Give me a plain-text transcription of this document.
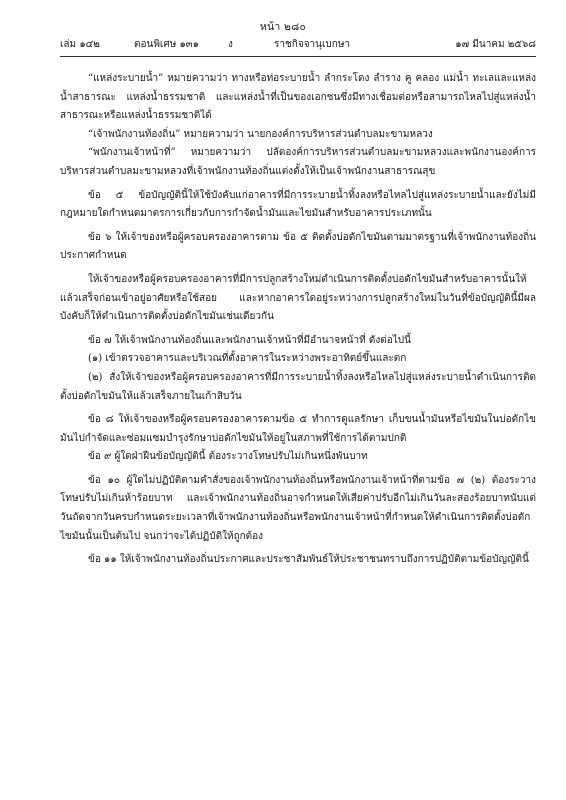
หน้า ๒๘๐
เล่ม ๑๔๒	ตอนพิเศษ ๑๓๑	ง	ราชกิจจานุเบกษา	๑๗ มีนาคม ๒๕๖๘

“แหล่งระบายน้ำ” หมายความว่า ทางหรือท่อระบายน้ำ ลำกระโดง ลำราง คู คลอง แม่น้ำ ทะเลและแหล่งน้ำสาธารณะ แหล่งน้ำธรรมชาติ และแหล่งน้ำที่เป็นของเอกชนซึ่งมีทางเชื่อมต่อหรือสามารถไหลไปสู่แหล่งน้ำสาธารณะหรือแหล่งน้ำธรรมชาติได้

“เจ้าพนักงานท้องถิ่น” หมายความว่า นายกองค์การบริหารส่วนตำบลมะขามหลวง

“พนักงานเจ้าหน้าที่” หมายความว่า ปลัดองค์การบริหารส่วนตำบลมะขามหลวงและพนักงานองค์การบริหารส่วนตำบลมะขามหลวงที่เจ้าพนักงานท้องถิ่นแต่งตั้งให้เป็นเจ้าพนักงานสาธารณสุข

ข้อ ๕ ข้อบัญญัตินี้ให้ใช้บังคับแก่อาคารที่มีการระบายน้ำทิ้งลงหรือไหลไปสู่แหล่งระบายน้ำและยังไม่มีกฎหมายใดกำหนดมาตรการเกี่ยวกับการกำจัดน้ำมันและไขมันสำหรับอาคารประเภทนั้น

ข้อ ๖ ให้เจ้าของหรือผู้ครอบครองอาคารตาม ข้อ ๕ ติดตั้งบ่อดักไขมันตามมาตรฐานที่เจ้าพนักงานท้องถิ่นประกาศกำหนด

ให้เจ้าของหรือผู้ครอบครองอาคารที่มีการปลูกสร้างใหม่ดำเนินการติดตั้งบ่อดักไขมันสำหรับอาคารนั้นให้แล้วเสร็จก่อนเข้าอยู่อาศัยหรือใช้สอย และหากอาคารใดอยู่ระหว่างการปลูกสร้างใหม่ในวันที่ข้อบัญญัตินี้มีผลบังคับก็ให้ดำเนินการติดตั้งบ่อดักไขมันเช่นเดียวกัน

ข้อ ๗ ให้เจ้าพนักงานท้องถิ่นและพนักงานเจ้าหน้าที่มีอำนาจหน้าที่ ดังต่อไปนี้

(๑) เข้าตรวจอาคารและบริเวณที่ตั้งอาคารในระหว่างพระอาทิตย์ขึ้นและตก

(๒) สั่งให้เจ้าของหรือผู้ครอบครองอาคารที่มีการระบายน้ำทิ้งลงหรือไหลไปสู่แหล่งระบายน้ำดำเนินการติดตั้งบ่อดักไขมันให้แล้วเสร็จภายในเก้าสิบวัน

ข้อ ๘ ให้เจ้าของหรือผู้ครอบครองอาคารตามข้อ ๕ ทำการดูแลรักษา เก็บขนน้ำมันหรือไขมันในบ่อดักไขมันไปกำจัดและซ่อมแซมบำรุงรักษาบ่อดักไขมันให้อยู่ในสภาพที่ใช้การได้ตามปกติ

ข้อ ๙ ผู้ใดฝ่าฝืนข้อบัญญัตินี้ ต้องระวางโทษปรับไม่เกินหนึ่งพันบาท

ข้อ ๑๐ ผู้ใดไม่ปฏิบัติตามคำสั่งของเจ้าพนักงานท้องถิ่นหรือพนักงานเจ้าหน้าที่ตามข้อ ๗ (๒) ต้องระวางโทษปรับไม่เกินห้าร้อยบาท และเจ้าพนักงานท้องถิ่นอาจกำหนดให้เสียค่าปรับอีกไม่เกินวันละสองร้อยบาทนับแต่วันถัดจากวันครบกำหนดระยะเวลาที่เจ้าพนักงานท้องถิ่นหรือพนักงานเจ้าหน้าที่กำหนดให้ดำเนินการติดตั้งบ่อดักไขมันนั้นเป็นต้นไป จนกว่าจะได้ปฏิบัติให้ถูกต้อง

ข้อ ๑๑ ให้เจ้าพนักงานท้องถิ่นประกาศและประชาสัมพันธ์ให้ประชาชนทราบถึงการปฏิบัติตามข้อบัญญัตินี้
